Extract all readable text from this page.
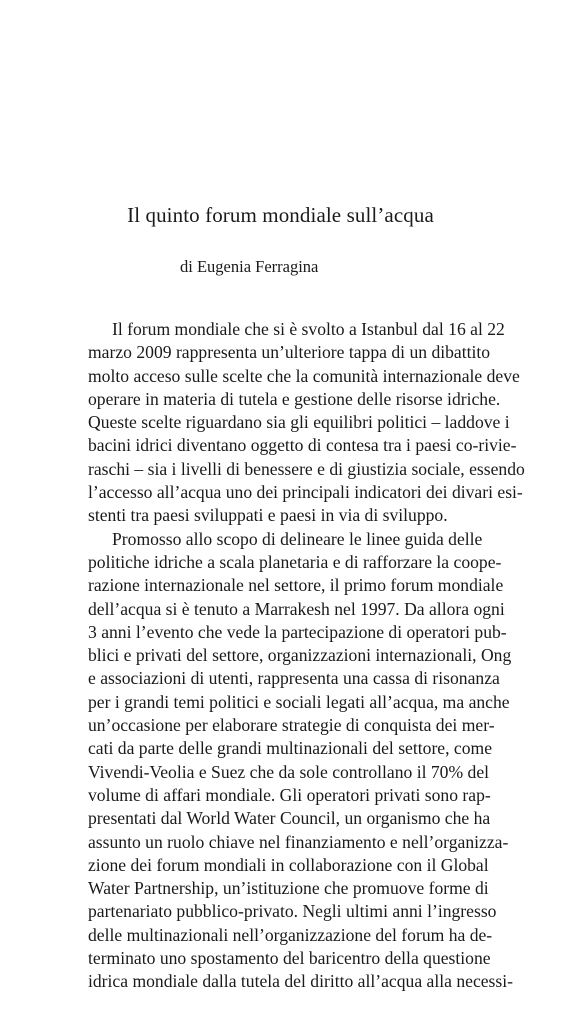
Il quinto forum mondiale sull’acqua
di Eugenia Ferragina
Il forum mondiale che si è svolto a Istanbul dal 16 al 22
marzo 2009 rappresenta un’ulteriore tappa di un dibattito
molto acceso sulle scelte che la comunità internazionale deve
operare in materia di tutela e gestione delle risorse idriche.
Queste scelte riguardano sia gli equilibri politici – laddove i
bacini idrici diventano oggetto di contesa tra i paesi co-rivie-
raschi – sia i livelli di benessere e di giustizia sociale, essendo
l’accesso all’acqua uno dei principali indicatori dei divari esi-
stenti tra paesi sviluppati e paesi in via di sviluppo.
Promosso allo scopo di delineare le linee guida delle
politiche idriche a scala planetaria e di rafforzare la coope-
razione internazionale nel settore, il primo forum mondiale
dell’acqua si è tenuto a Marrakesh nel 1997. Da allora ogni
3 anni l’evento che vede la partecipazione di operatori pub-
blici e privati del settore, organizzazioni internazionali, Ong
e associazioni di utenti, rappresenta una cassa di risonanza
per i grandi temi politici e sociali legati all’acqua, ma anche
un’occasione per elaborare strategie di conquista dei mer-
cati da parte delle grandi multinazionali del settore, come
Vivendi-Veolia e Suez che da sole controllano il 70% del
volume di affari mondiale. Gli operatori privati sono rap-
presentati dal World Water Council, un organismo che ha
assunto un ruolo chiave nel finanziamento e nell’organizza-
zione dei forum mondiali in collaborazione con il Global
Water Partnership, un’istituzione che promuove forme di
partenariato pubblico-privato. Negli ultimi anni l’ingresso
delle multinazionali nell’organizzazione del forum ha de-
terminato uno spostamento del baricentro della questione
idrica mondiale dalla tutela del diritto all’acqua alla necessi-
